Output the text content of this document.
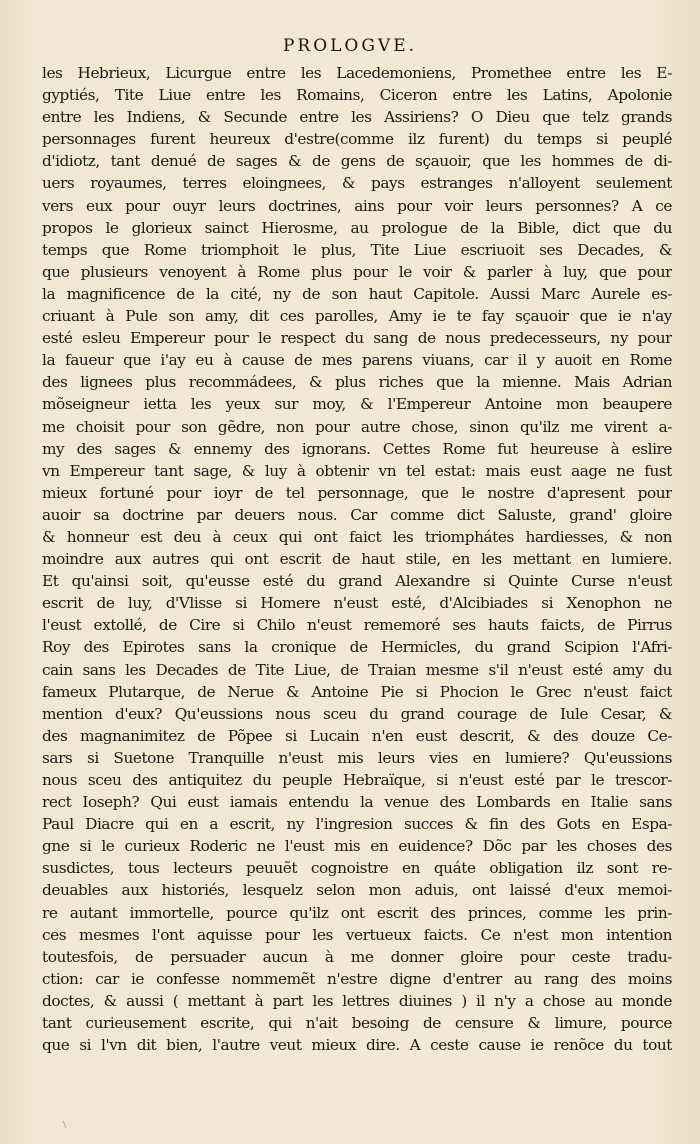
PROLOGVE.
les Hebrieux, Licurgue entre les Lacedemoniens, Promethee entre les E-
gyptiés, Tite Liue entre les Romains, Ciceron entre les Latins, Apolonie
entre les Indiens, & Secunde entre les Assiriens? O Dieu que telz grands
personnages furent heureux d'estre(comme ilz furent) du temps si peuplé
d'idiotz, tant denué de sages & de gens de sçauoir, que les hommes de di-
uers royaumes, terres eloingnees, & pays estranges n'alloyent seulement
vers eux pour ouyr leurs doctrines, ains pour voir leurs personnes? A ce
propos le glorieux sainct Hierosme, au prologue de la Bible, dict que du
temps que Rome triomphoit le plus, Tite Liue escriuoit ses Decades, &
que plusieurs venoyent à Rome plus pour le voir & parler à luy, que pour
la magnificence de la cité, ny de son haut Capitole. Aussi Marc Aurele es-
criuant à Pule son amy, dit ces parolles, Amy ie te fay sçauoir que ie n'ay
esté esleu Empereur pour le respect du sang de nous predecesseurs, ny pour
la faueur que i'ay eu à cause de mes parens viuans, car il y auoit en Rome
des lignees plus recommádees, & plus riches que la mienne. Mais Adrian
mõseigneur ietta les yeux sur moy, & l'Empereur Antoine mon beaupere
me choisit pour son gẽdre, non pour autre chose, sinon qu'ilz me virent a-
my des sages & ennemy des ignorans. Cettes Rome fut heureuse à eslire
vn Empereur tant sage, & luy à obtenir vn tel estat: mais eust aage ne fust
mieux fortuné pour ioyr de tel personnage, que le nostre d'apresent pour
auoir sa doctrine par deuers nous. Car comme dict Saluste, grand' gloire
& honneur est deu à ceux qui ont faict les triomphátes hardiesses, & non
moindre aux autres qui ont escrit de haut stile, en les mettant en lumiere.
Et qu'ainsi soit, qu'eusse esté du grand Alexandre si Quinte Curse n'eust
escrit de luy, d'Vlisse si Homere n'eust esté, d'Alcibiades si Xenophon ne
l'eust extollé, de Cire si Chilo n'eust rememoré ses hauts faicts, de Pirrus
Roy des Epirotes sans la cronique de Hermicles, du grand Scipion l'Afri-
cain sans les Decades de Tite Liue, de Traian mesme s'il n'eust esté amy du
fameux Plutarque, de Nerue & Antoine Pie si Phocion le Grec n'eust faict
mention d'eux? Qu'eussions nous sceu du grand courage de Iule Cesar, &
des magnanimitez de Põpee si Lucain n'en eust descrit, & des douze Ce-
sars si Suetone Tranquille n'eust mis leurs vies en lumiere? Qu'eussions
nous sceu des antiquitez du peuple Hebraïque, si n'eust esté par le trescor-
rect Ioseph? Qui eust iamais entendu la venue des Lombards en Italie sans
Paul Diacre qui en a escrit, ny l'ingresion succes & fin des Gots en Espa-
gne si le curieux Roderic ne l'eust mis en euidence? Dõc par les choses des
susdictes, tous lecteurs peuuẽt cognoistre en quáte obligation ilz sont re-
deuables aux historiés, lesquelz selon mon aduis, ont laissé d'eux memoi-
re autant immortelle, pource qu'ilz ont escrit des princes, comme les prin-
ces mesmes l'ont aquisse pour les vertueux faicts. Ce n'est mon intention
toutesfois, de persuader aucun à me donner gloire pour ceste tradu-
ction: car ie confesse nommemẽt n'estre digne d'entrer au rang des moins
doctes, & aussi ( mettant à part les lettres diuines ) il n'y a chose au monde
tant curieusement escrite, qui n'ait besoing de censure & limure, pource
que si l'vn dit bien, l'autre veut mieux dire. A ceste cause ie renõce du tout
